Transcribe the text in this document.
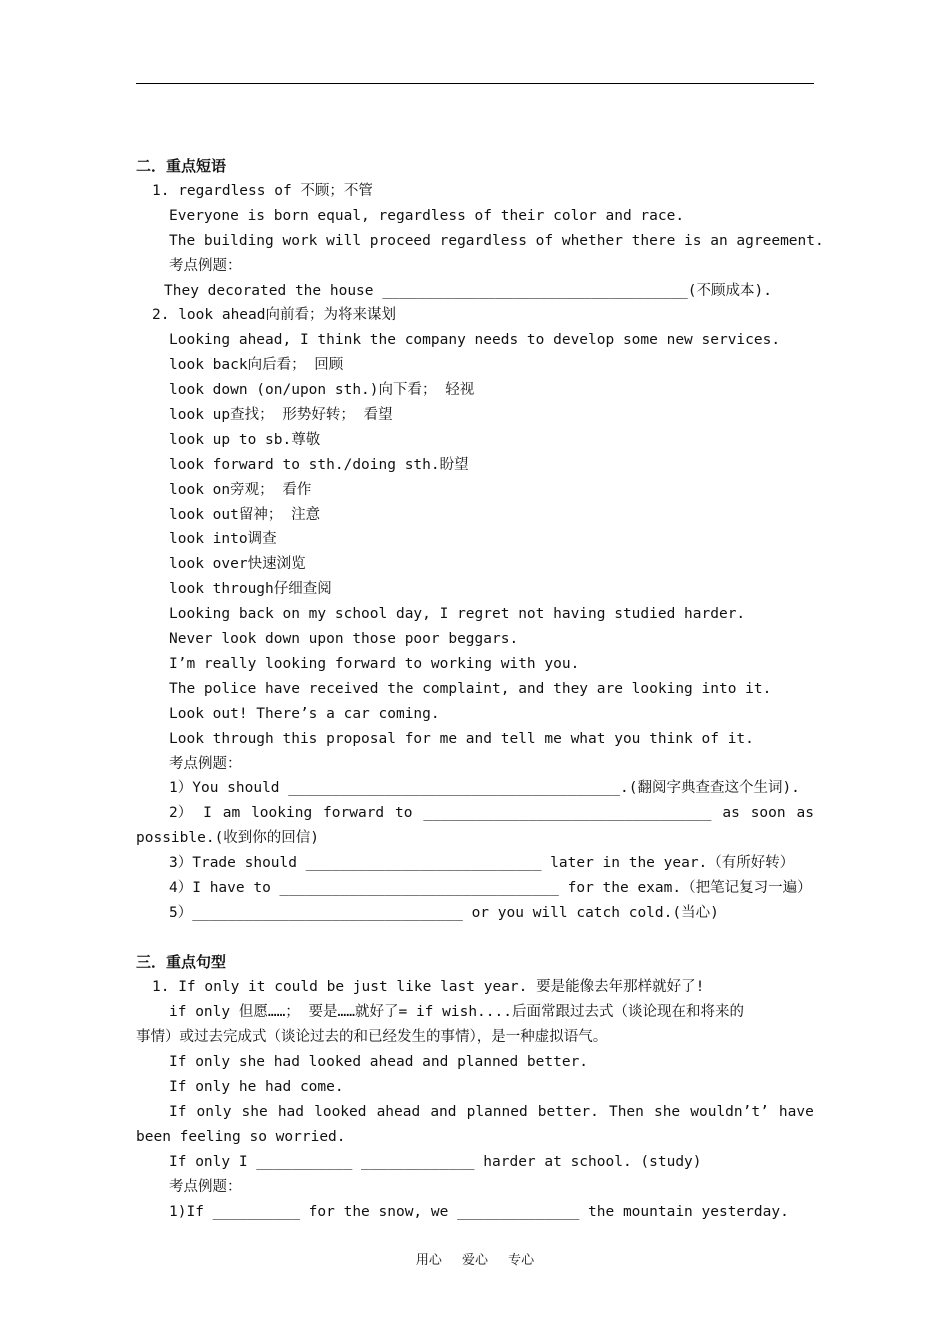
二．重点短语
1. regardless of 不顾；不管
Everyone is born equal, regardless of their color and race.
The building work will proceed regardless of whether there is an agreement.
考点例题：
They decorated the house ___________________________________(不顾成本).
2. look ahead向前看；为将来谋划
Looking ahead, I think the company needs to develop some new services.
look back向后看； 回顾
look down (on/upon sth.)向下看； 轻视
look up查找； 形势好转； 看望
look up to sb.尊敬
look forward to sth./doing sth.盼望
look on旁观； 看作
look out留神； 注意
look into调查
look over快速浏览
look through仔细查阅
Looking back on my school day, I regret not having studied harder.
Never look down upon those poor beggars.
I’m really looking forward to working with you.
The police have received the complaint, and they are looking into it.
Look out! There’s a car coming.
Look through this proposal for me and tell me what you think of it.
考点例题：
1）You should ______________________________________.(翻阅字典查查这个生词).
2） I am looking forward to _________________________________ as soon as
possible.(收到你的回信)
3）Trade should ___________________________ later in the year.（有所好转）
4）I have to ________________________________ for the exam.（把笔记复习一遍）
5）_______________________________ or you will catch cold.(当心)
三．重点句型
1. If only it could be just like last year. 要是能像去年那样就好了!
if only 但愿……； 要是……就好了= if wish....后面常跟过去式（谈论现在和将来的
事情）或过去完成式（谈论过去的和已经发生的事情），是一种虚拟语气。
If only she had looked ahead and planned better.
If only he had come.
If only she had looked ahead and planned better. Then she wouldn’t’ have
been feeling so worried.
If only I ___________ _____________ harder at school. (study)
考点例题：
1)If __________ for the snow, we ______________ the mountain yesterday.
用心 爱心 专心
